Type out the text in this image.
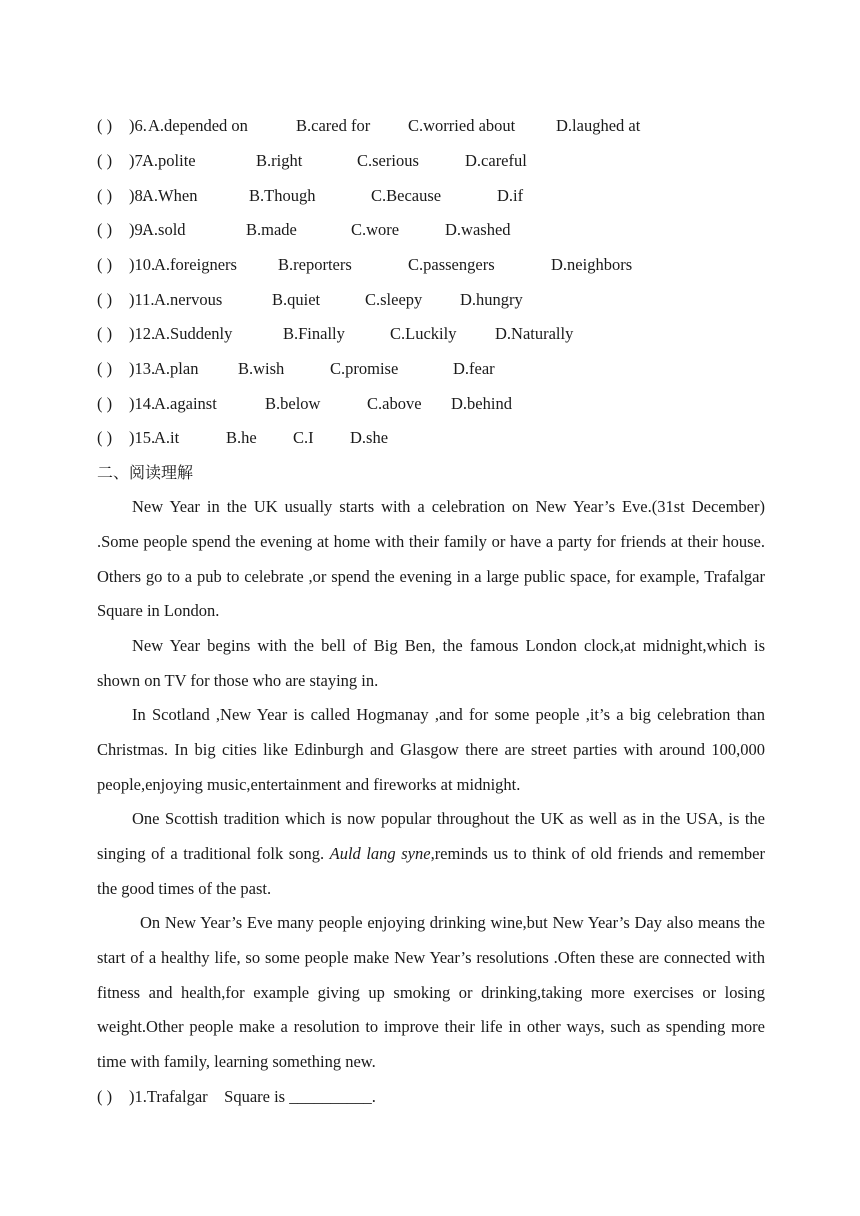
( ) )6. A.depended on	B.cared for C.worried about D.laughed at
( ) )7.
A.polite	B.right	C.serious	D.careful
( ) )8.
A.When	B.Though	C.Because	D.if
( ) )9.
A.sold	B.made	C.wore	D.washed
( ) )10.
A.foreigners B.reporters	C.passengers	D.neighbors
( ) )11. A.nervous	B.quiet	C.sleepy D.hungry
( ) )12.
A.Suddenly	B.Finally	C.Luckily D.Naturally
( ) )13.
A.plan B.wish	C.promise	D.fear
( ) )14.
A.against	B.below	C.above D.behind
( ) )15.
A.it	B.he C.I D.she
二、阅读理解

New Year in the UK usually starts with a celebration on New Year’s Eve.(31st December) .Some people spend the evening at home with their family or have a party for friends at their house. Others go to a pub to celebrate ,or spend the evening in a large public space, for example, Trafalgar Square in London.

New Year begins with the bell of Big Ben, the famous London clock,at midnight,which is shown on TV for those who are staying in.

In Scotland ,New Year is called Hogmanay ,and for some people ,it’s a big celebration than Christmas. In big cities like Edinburgh and Glasgow there are street parties with around 100,000 people,enjoying music,entertainment and fireworks at midnight.

One Scottish tradition which is now popular throughout the UK as well as in the USA, is the singing of a traditional folk song. Auld lang syne,reminds us to think of old friends and remember the good times of the past.

On New Year’s Eve many people enjoying drinking wine,but New Year’s Day also means the start of a healthy life, so some people make New Year’s resolutions .Often these are connected with fitness and health,for example giving up smoking or drinking,taking more exercises or losing weight.Other people make a resolution to improve their life in other ways, such as spending more time with family, learning something new.

( ) )1.Trafalgar    Square is __________.
